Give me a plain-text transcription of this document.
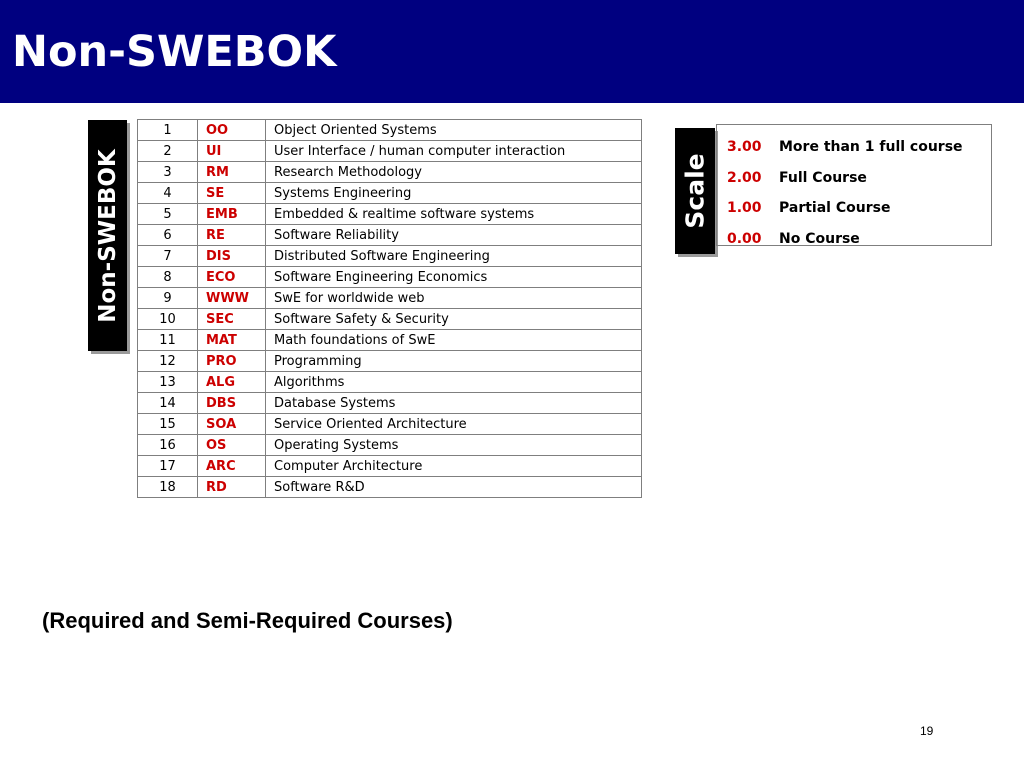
Non-SWEBOK
Non-SWEBOK
1	OO	Object Oriented Systems
2	UI	User Interface / human computer interaction
3	RM	Research Methodology
4	SE	Systems Engineering
5	EMB	Embedded & realtime software systems
6	RE	Software Reliability
7	DIS	Distributed Software Engineering
8	ECO	Software Engineering Economics
9	WWW	SwE for worldwide web
10	SEC	Software Safety & Security
11	MAT	Math foundations of SwE
12	PRO	Programming
13	ALG	Algorithms
14	DBS	Database Systems
15	SOA	Service Oriented Architecture
16	OS	Operating Systems
17	ARC	Computer Architecture
18	RD	Software R&D
Scale
3.00 More than 1 full course
2.00 Full Course
1.00 Partial Course
0.00 No Course

(Required and Semi-Required Courses)

19
